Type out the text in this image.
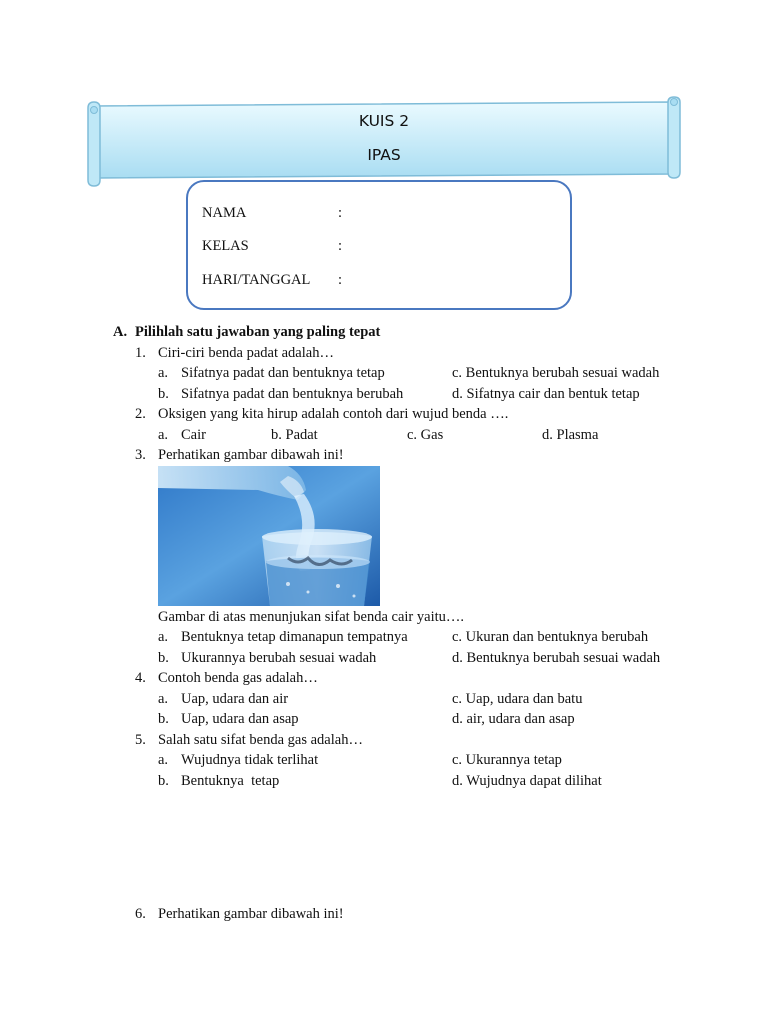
KUIS 2
IPAS
NAMA	:
KELAS	:
HARI/TANGGAL :
A. Pilihlah satu jawaban yang paling tepat
1. Ciri-ciri benda padat adalah…
a. Sifatnya padat dan bentuknya tetap	c. Bentuknya berubah sesuai wadah
b. Sifatnya padat dan bentuknya berubah	d. Sifatnya cair dan bentuk tetap
2. Oksigen yang kita hirup adalah contoh dari wujud benda ….
a. Cair	b. Padat	c. Gas	d. Plasma
3. Perhatikan gambar dibawah ini!
Gambar di atas menunjukan sifat benda cair yaitu….
a. Bentuknya tetap dimanapun tempatnya	c. Ukuran dan bentuknya berubah
b. Ukurannya berubah sesuai wadah	d. Bentuknya berubah sesuai wadah
4. Contoh benda gas adalah…
a. Uap, udara dan air	c. Uap, udara dan batu
b. Uap, udara dan asap	d. air, udara dan asap
5. Salah satu sifat benda gas adalah…
a. Wujudnya tidak terlihat	c. Ukurannya tetap
b. Bentuknya  tetap	d. Wujudnya dapat dilihat
6. Perhatikan gambar dibawah ini!
